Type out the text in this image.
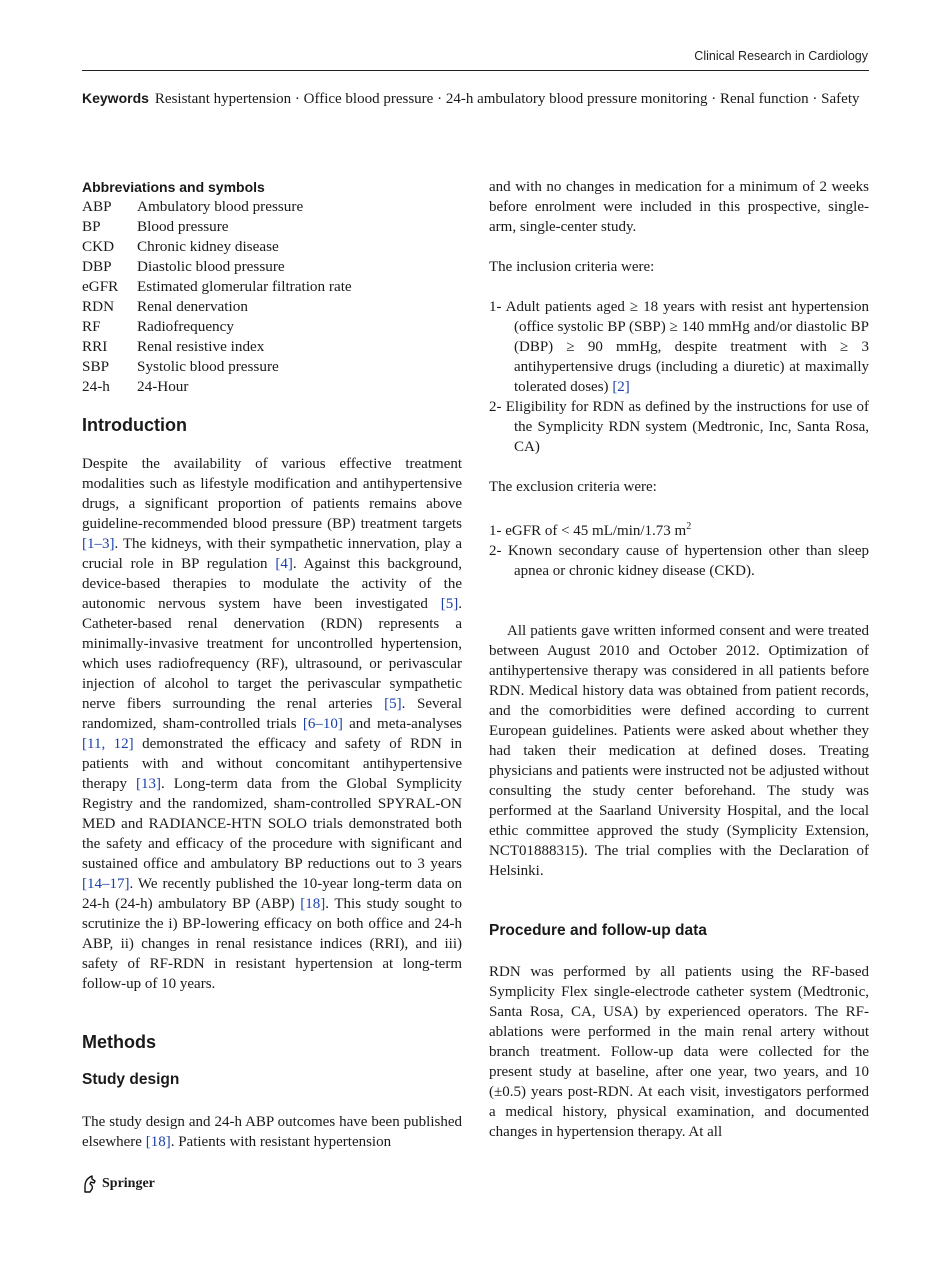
Clinical Research in Cardiology
Keywords Resistant hypertension · Office blood pressure · 24-h ambulatory blood pressure monitoring · Renal function · Safety
Abbreviations and symbols
ABP	Ambulatory blood pressure
BP	Blood pressure
CKD	Chronic kidney disease
DBP	Diastolic blood pressure
eGFR	Estimated glomerular filtration rate
RDN	Renal denervation
RF	Radiofrequency
RRI	Renal resistive index
SBP	Systolic blood pressure
24-h	24-Hour
Introduction

Despite the availability of various effective treatment modalities such as lifestyle modification and antihypertensive drugs, a significant proportion of patients remains above guideline-recommended blood pressure (BP) treatment targets [1–3]. The kidneys, with their sympathetic innervation, play a crucial role in BP regulation [4]. Against this background, device-based therapies to modulate the activity of the autonomic nervous system have been investigated [5]. Catheter-based renal denervation (RDN) represents a minimally-invasive treatment for uncontrolled hypertension, which uses radiofrequency (RF), ultrasound, or perivascular injection of alcohol to target the perivascular sympathetic nerve fibers surrounding the renal arteries [5]. Several randomized, sham-controlled trials [6–10] and meta-analyses [11, 12] demonstrated the efficacy and safety of RDN in patients with and without concomitant antihypertensive therapy [13]. Long-term data from the Global Symplicity Registry and the randomized, sham-controlled SPYRAL-ON MED and RADIANCE-HTN SOLO trials demonstrated both the safety and efficacy of the procedure with significant and sustained office and ambulatory BP reductions out to 3 years [14–17]. We recently published the 10-year long-term data on 24-h (24-h) ambulatory BP (ABP) [18]. This study sought to scrutinize the i) BP-lowering efficacy on both office and 24-h ABP, ii) changes in renal resistance indices (RRI), and iii) safety of RF-RDN in resistant hypertension at long-term follow-up of 10 years.

Methods
Study design

The study design and 24-h ABP outcomes have been published elsewhere [18]. Patients with resistant hypertension

and with no changes in medication for a minimum of 2 weeks before enrolment were included in this prospective, single-arm, single-center study.

The inclusion criteria were:

1- Adult patients aged ≥ 18 years with resist ant hypertension (office systolic BP (SBP) ≥ 140 mmHg and/or diastolic BP (DBP) ≥ 90 mmHg, despite treatment with ≥ 3 antihypertensive drugs (including a diuretic) at maximally tolerated doses) [2]
2- Eligibility for RDN as defined by the instructions for use of the Symplicity RDN system (Medtronic, Inc, Santa Rosa, CA)

The exclusion criteria were:

1- eGFR of < 45 mL/min/1.73 $m^2$
2- Known secondary cause of hypertension other than sleep apnea or chronic kidney disease (CKD).

All patients gave written informed consent and were treated between August 2010 and October 2012. Optimization of antihypertensive therapy was considered in all patients before RDN. Medical history data was obtained from patient records, and the comorbidities were defined according to current European guidelines. Patients were asked about whether they had taken their medication at defined doses. Treating physicians and patients were instructed not be adjusted without consulting the study center beforehand. The study was performed at the Saarland University Hospital, and the local ethic committee approved the study (Symplicity Extension, NCT01888315). The trial complies with the Declaration of Helsinki.

Procedure and follow-up data

RDN was performed by all patients using the RF-based Symplicity Flex single-electrode catheter system (Medtronic, Santa Rosa, CA, USA) by experienced operators. The RF-ablations were performed in the main renal artery without branch treatment. Follow-up data were collected for the present study at baseline, after one year, two years, and 10 (±0.5) years post-RDN. At each visit, investigators performed a medical history, physical examination, and documented changes in hypertension therapy. At all

Springer
